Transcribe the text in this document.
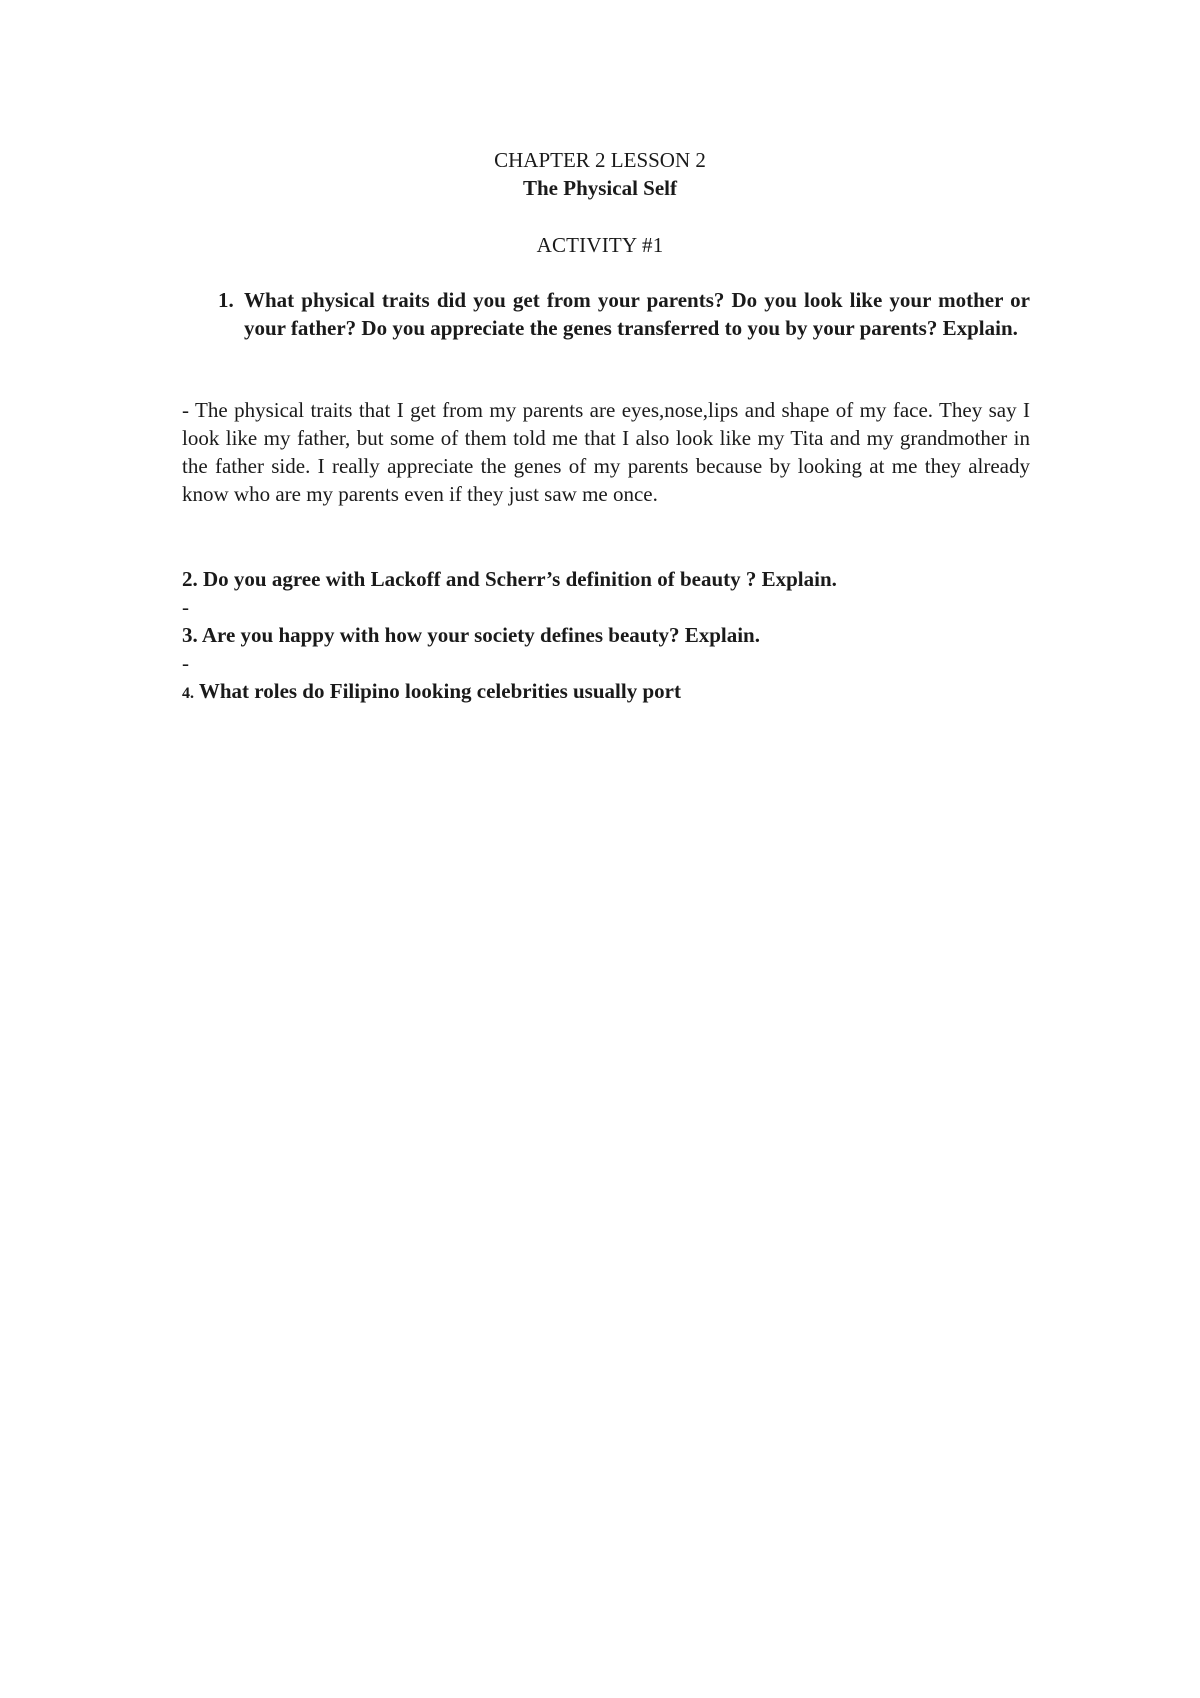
CHAPTER 2 LESSON 2
The Physical Self
ACTIVITY #1
1. What physical traits did you get from your parents? Do you look like your mother or your father? Do you appreciate the genes transferred to you by your parents? Explain.
- The physical traits that I get from my parents are eyes,nose,lips and shape of my face. They say I look like my father, but some of them told me that I also look like my Tita and my grandmother in the father side. I really appreciate the genes of my parents because by looking at me they already know who are my parents even if they just saw me once.
2. Do you agree with Lackoff and Scherr’s definition of beauty ? Explain.
-
3. Are you happy with how your society defines beauty? Explain.
-
4. What roles do Filipino looking celebrities usually port
